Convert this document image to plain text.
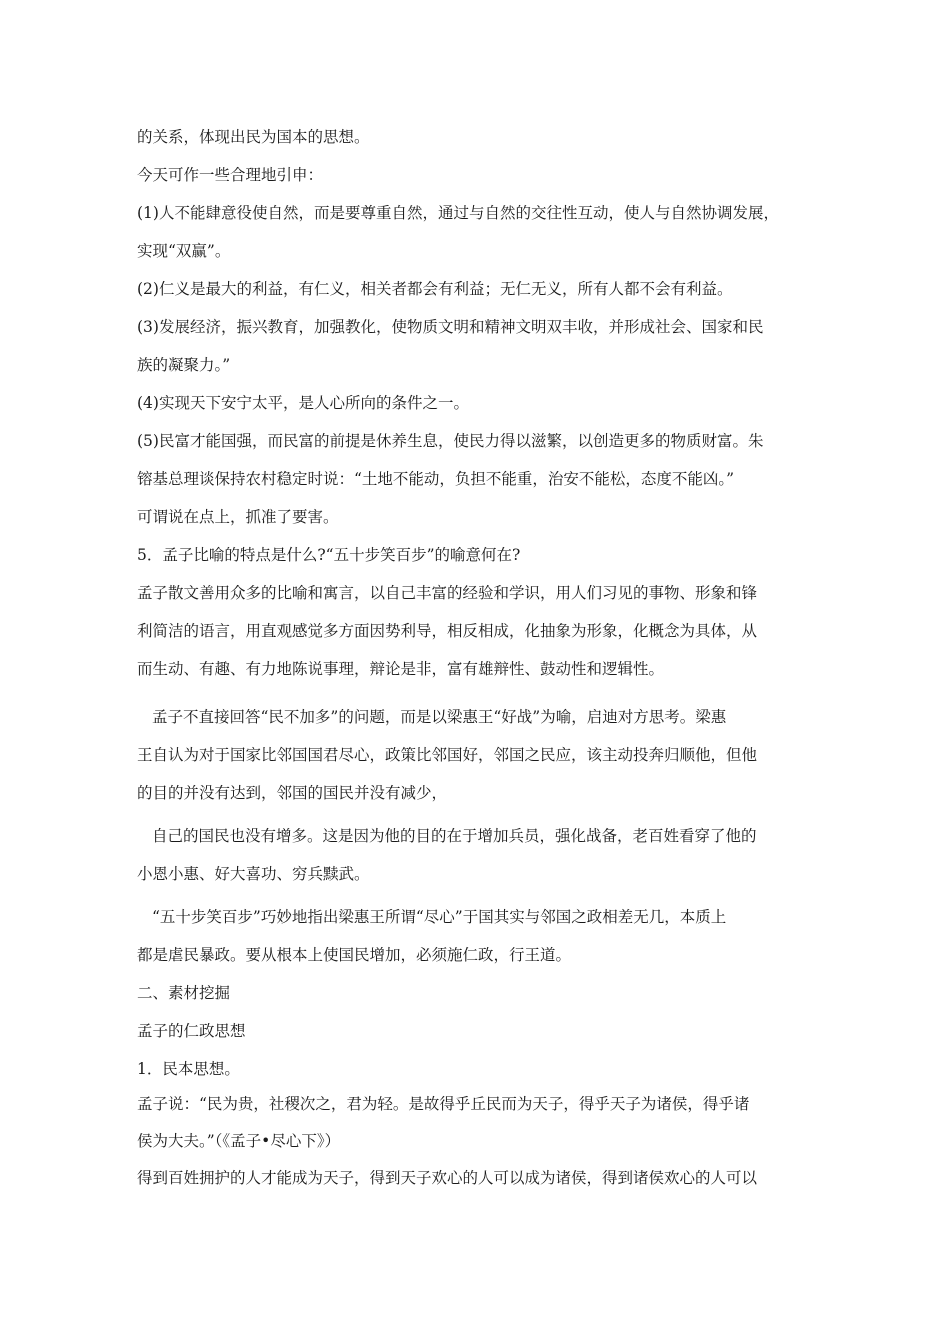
的关系，体现出民为国本的思想。
今天可作一些合理地引申：
(1)人不能肆意役使自然，而是要尊重自然，通过与自然的交往性互动，使人与自然协调发展，
实现“双赢”。
(2)仁义是最大的利益，有仁义，相关者都会有利益；无仁无义，所有人都不会有利益。
(3)发展经济，振兴教育，加强教化，使物质文明和精神文明双丰收，并形成社会、国家和民
族的凝聚力。”
(4)实现天下安宁太平，是人心所向的条件之一。
(5)民富才能国强，而民富的前提是休养生息，使民力得以滋繁，以创造更多的物质财富。朱
镕基总理谈保持农村稳定时说：“土地不能动，负担不能重，治安不能松，态度不能凶。”
可谓说在点上，抓准了要害。
5．孟子比喻的特点是什么?“五十步笑百步”的喻意何在?
孟子散文善用众多的比喻和寓言，以自己丰富的经验和学识，用人们习见的事物、形象和锋
利简洁的语言，用直观感觉多方面因势利导，相反相成，化抽象为形象，化概念为具体，从
而生动、有趣、有力地陈说事理，辩论是非，富有雄辩性、鼓动性和逻辑性。
孟子不直接回答“民不加多”的问题，而是以梁惠王“好战”为喻，启迪对方思考。梁惠
王自认为对于国家比邻国国君尽心，政策比邻国好，邻国之民应，该主动投奔归顺他，但他
的目的并没有达到，邻国的国民并没有减少，
自己的国民也没有增多。这是因为他的目的在于增加兵员，强化战备，老百姓看穿了他的
小恩小惠、好大喜功、穷兵黩武。
“五十步笑百步”巧妙地指出梁惠王所谓“尽心”于国其实与邻国之政相差无几，本质上
都是虐民暴政。要从根本上使国民增加，必须施仁政，行王道。
二、素材挖掘
孟子的仁政思想
1．民本思想。
孟子说：“民为贵，社稷次之，君为轻。是故得乎丘民而为天子，得乎天子为诸侯，得乎诸
侯为大夫。”（《孟子•尽心下》）
得到百姓拥护的人才能成为天子，得到天子欢心的人可以成为诸侯，得到诸侯欢心的人可以
